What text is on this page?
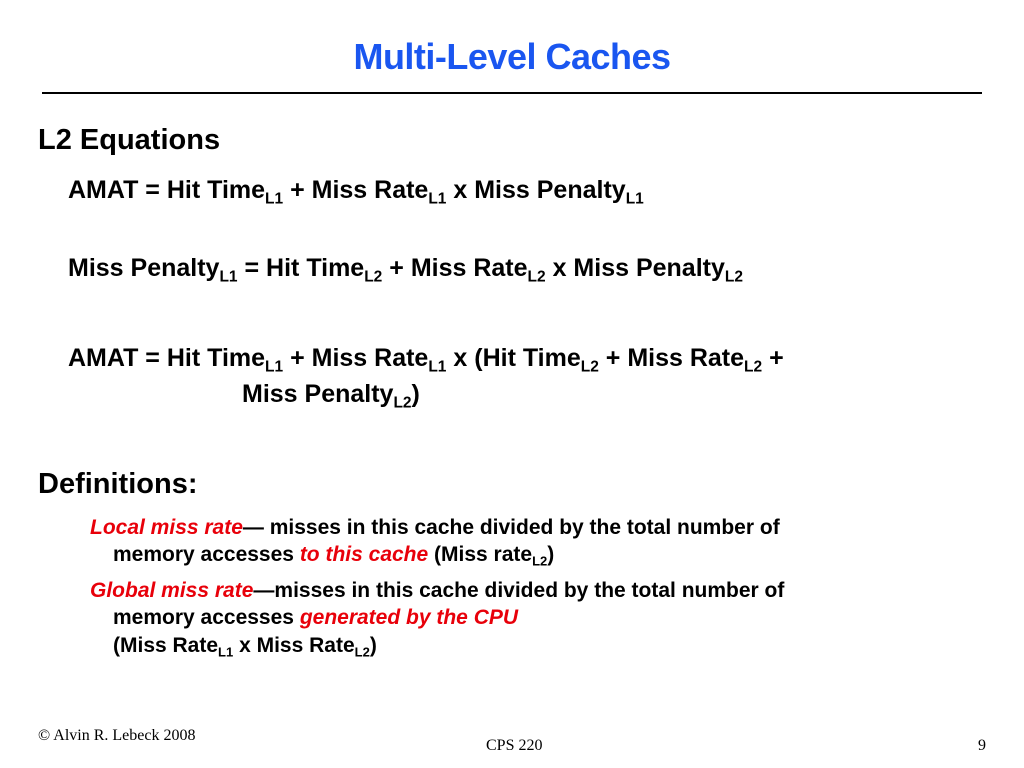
Multi-Level Caches
L2 Equations
AMAT = Hit Time$_{L1}$ + Miss Rate$_{L1}$ x Miss Penalty$_{L1}$
Miss Penalty$_{L1}$ = Hit Time$_{L2}$ + Miss Rate$_{L2}$ x Miss Penalty$_{L2}$
AMAT = Hit Time$_{L1}$ + Miss Rate$_{L1}$ x (Hit Time$_{L2}$ + Miss Rate$_{L2}$ +
Miss Penalty$_{L2}$)
Definitions:
Local miss rate— misses in this cache divided by the total number of
memory accesses to this cache (Miss rate$_{L2}$)
Global miss rate—misses in this cache divided by the total number of
memory accesses generated by the CPU
(Miss Rate$_{L1}$ x Miss Rate$_{L2}$)
© Alvin R. Lebeck 2008
CPS 220	9
